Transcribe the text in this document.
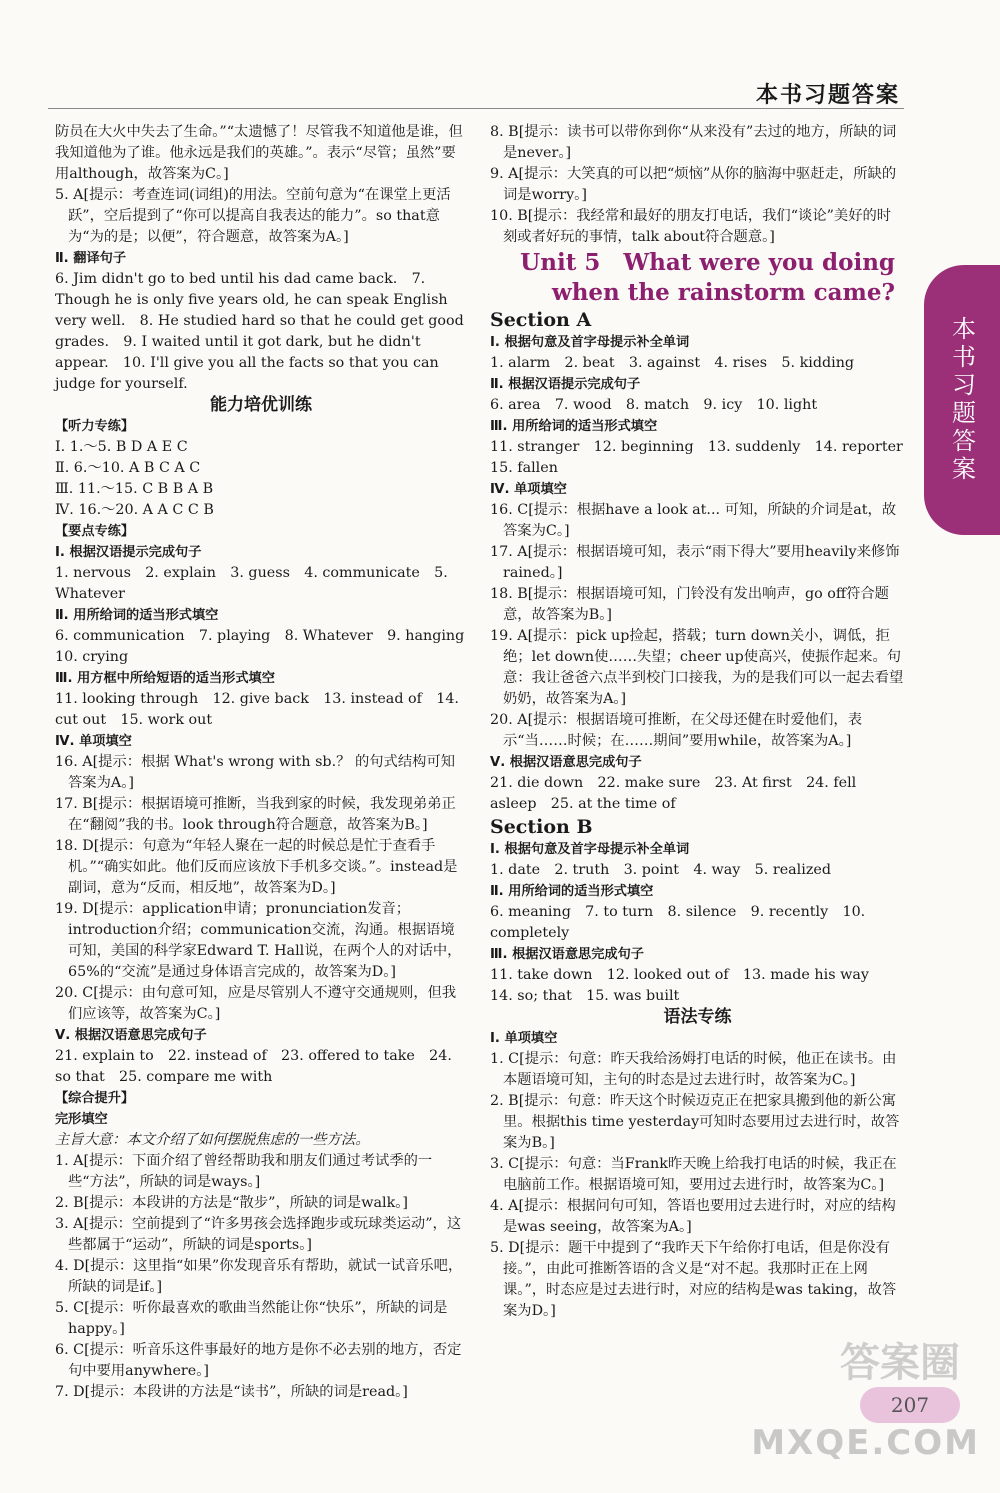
本书习题答案
本书习题答案

防员在大火中失去了生命。”“太遗憾了！尽管我不知道他是谁，但我知道他为了谁。他永远是我们的英雄。”。表示“尽管；虽然”要用although，故答案为C。]

5. A[提示：考查连词(词组)的用法。空前句意为“在课堂上更活跃”，空后提到了“你可以提高自我表达的能力”。so that意为“为的是；以便”，符合题意，故答案为A。]

Ⅱ. 翻译句子

6. Jim didn't go to bed until his dad came back.　7. Though he is only five years old, he can speak English very well.　8. He studied hard so that he could get good grades.　9. I waited until it got dark, but he didn't appear.　10. I'll give you all the facts so that you can judge for yourself.

能力培优训练

【听力专练】

Ⅰ. 1.～5. B D A E C

Ⅱ. 6.～10. A B C A C

Ⅲ. 11.～15. C B B A B

Ⅳ. 16.～20. A A C C B

【要点专练】

Ⅰ. 根据汉语提示完成句子

1. nervous　2. explain　3. guess　4. communicate　5. Whatever

Ⅱ. 用所给词的适当形式填空

6. communication　7. playing　8. Whatever　9. hanging　10. crying

Ⅲ. 用方框中所给短语的适当形式填空

11. looking through　12. give back　13. instead of　14. cut out　15. work out

Ⅳ. 单项填空

16. A[提示：根据 What's wrong with sb.？ 的句式结构可知答案为A。]

17. B[提示：根据语境可推断，当我到家的时候，我发现弟弟正在“翻阅”我的书。look through符合题意，故答案为B。]

18. D[提示：句意为“年轻人聚在一起的时候总是忙于查看手机。”“确实如此。他们反而应该放下手机多交谈。”。instead是副词，意为“反而，相反地”，故答案为D。]

19. D[提示：application申请；pronunciation发音；introduction介绍；communication交流，沟通。根据语境可知，美国的科学家Edward T. Hall说，在两个人的对话中，65%的“交流”是通过身体语言完成的，故答案为D。]

20. C[提示：由句意可知，应是尽管别人不遵守交通规则，但我们应该等，故答案为C。]

Ⅴ. 根据汉语意思完成句子

21. explain to　22. instead of　23. offered to take　24. so that　25. compare me with

【综合提升】

完形填空

主旨大意：本文介绍了如何摆脱焦虑的一些方法。

1. A[提示：下面介绍了曾经帮助我和朋友们通过考试季的一些“方法”，所缺的词是ways。]

2. B[提示：本段讲的方法是“散步”，所缺的词是walk。]

3. A[提示：空前提到了“许多男孩会选择跑步或玩球类运动”，这些都属于“运动”，所缺的词是sports。]

4. D[提示：这里指“如果”你发现音乐有帮助，就试一试音乐吧，所缺的词是if。]

5. C[提示：听你最喜欢的歌曲当然能让你“快乐”，所缺的词是happy。]

6. C[提示：听音乐这件事最好的地方是你不必去别的地方，否定句中要用anywhere。]

7. D[提示：本段讲的方法是“读书”，所缺的词是read。]

8. B[提示：读书可以带你到你“从来没有”去过的地方，所缺的词是never。]

9. A[提示：大笑真的可以把“烦恼”从你的脑海中驱赶走，所缺的词是worry。]

10. B[提示：我经常和最好的朋友打电话，我们“谈论”美好的时刻或者好玩的事情，talk about符合题意。]

Unit 5　What were you doing when the rainstorm came?

Section A

Ⅰ. 根据句意及首字母提示补全单词

1. alarm　2. beat　3. against　4. rises　5. kidding

Ⅱ. 根据汉语提示完成句子

6. area　7. wood　8. match　9. icy　10. light

Ⅲ. 用所给词的适当形式填空

11. stranger　12. beginning　13. suddenly　14. reporter　15. fallen

Ⅳ. 单项填空

16. C[提示：根据have a look at... 可知，所缺的介词是at，故答案为C。]

17. A[提示：根据语境可知，表示“雨下得大”要用heavily来修饰rained。]

18. B[提示：根据语境可知，门铃没有发出响声，go off符合题意，故答案为B。]

19. A[提示：pick up捡起，搭载；turn down关小，调低，拒绝；let down使……失望；cheer up使高兴，使振作起来。句意：我让爸爸六点半到校门口接我，为的是我们可以一起去看望奶奶，故答案为A。]

20. A[提示：根据语境可推断，在父母还健在时爱他们，表示“当……时候；在……期间”要用while，故答案为A。]

Ⅴ. 根据汉语意思完成句子

21. die down　22. make sure　23. At first　24. fell asleep　25. at the time of

Section B

Ⅰ. 根据句意及首字母提示补全单词

1. date　2. truth　3. point　4. way　5. realized

Ⅱ. 用所给词的适当形式填空

6. meaning　7. to turn　8. silence　9. recently　10. completely

Ⅲ. 根据汉语意思完成句子

11. take down　12. looked out of　13. made his way　14. so; that　15. was built

语法专练

Ⅰ. 单项填空

1. C[提示：句意：昨天我给汤姆打电话的时候，他正在读书。由本题语境可知，主句的时态是过去进行时，故答案为C。]

2. B[提示：句意：昨天这个时候迈克正在把家具搬到他的新公寓里。根据this time yesterday可知时态要用过去进行时，故答案为B。]

3. C[提示：句意：当Frank昨天晚上给我打电话的时候，我正在电脑前工作。根据语境可知，要用过去进行时，故答案为C。]

4. A[提示：根据问句可知，答语也要用过去进行时，对应的结构是was seeing，故答案为A。]

5. D[提示：题干中提到了“我昨天下午给你打电话，但是你没有接。”，由此可推断答语的含义是“对不起。我那时正在上网课。”，时态应是过去进行时，对应的结构是was taking，故答案为D。]

207
答案圈
MXQE.COM
